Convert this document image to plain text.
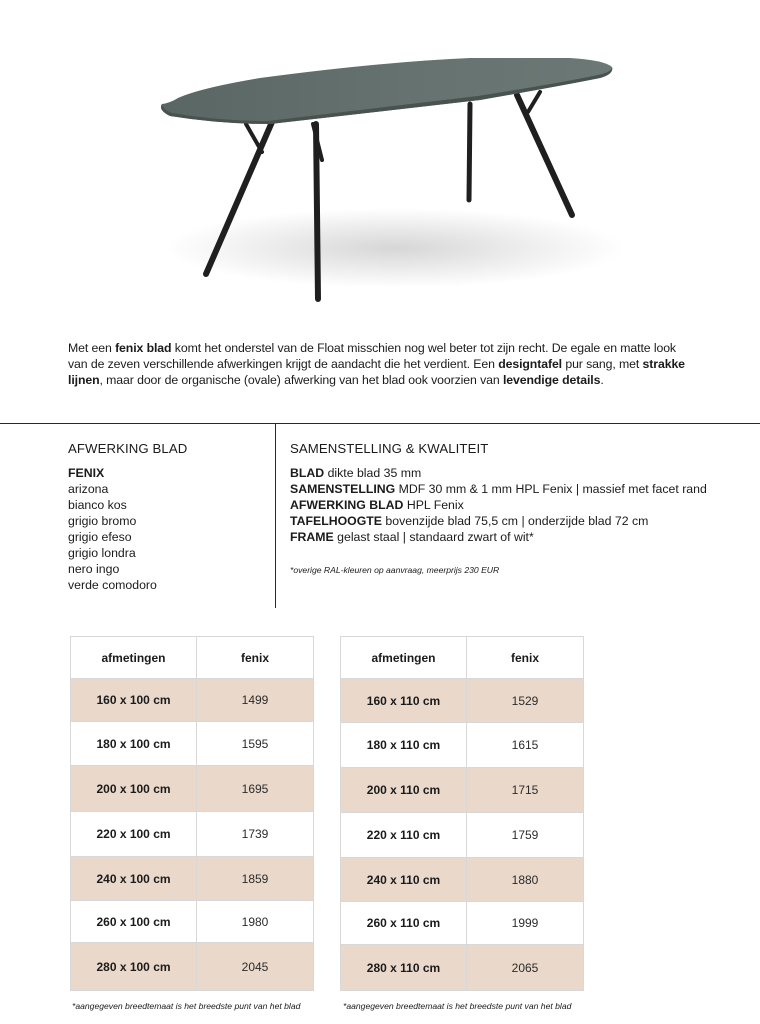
Met een fenix blad komt het onderstel van de Float misschien nog wel beter tot zijn recht. De egale en matte look van de zeven verschillende afwerkingen krijgt de aandacht die het verdient. Een designtafel pur sang, met strakke lijnen, maar door de organische (ovale) afwerking van het blad ook voorzien van levendige details.

AFWERKING BLAD	SAMENSTELLING & KWALITEIT
FENIX
arizona
bianco kos
grigio bromo
grigio efeso
grigio londra
nero ingo
verde comodoro
BLAD dikte blad 35 mm
SAMENSTELLING MDF 30 mm & 1 mm HPL Fenix | massief met facet rand
AFWERKING BLAD HPL Fenix
TAFELHOOGTE bovenzijde blad 75,5 cm | onderzijde blad 72 cm
FRAME gelast staal | standaard zwart of wit*
*overige RAL-kleuren op aanvraag, meerprijs 230 EUR
afmetingen	fenix
160 x 100 cm	1499
180 x 100 cm	1595
200 x 100 cm	1695
220 x 100 cm	1739
240 x 100 cm	1859
260 x 100 cm	1980
280 x 100 cm	2045
afmetingen	fenix
160 x 110 cm	1529
180 x 110 cm	1615
200 x 110 cm	1715
220 x 110 cm	1759
240 x 110 cm	1880
260 x 110 cm	1999
280 x 110 cm	2065
*aangegeven breedtemaat is het breedste punt van het blad	*aangegeven breedtemaat is het breedste punt van het blad
